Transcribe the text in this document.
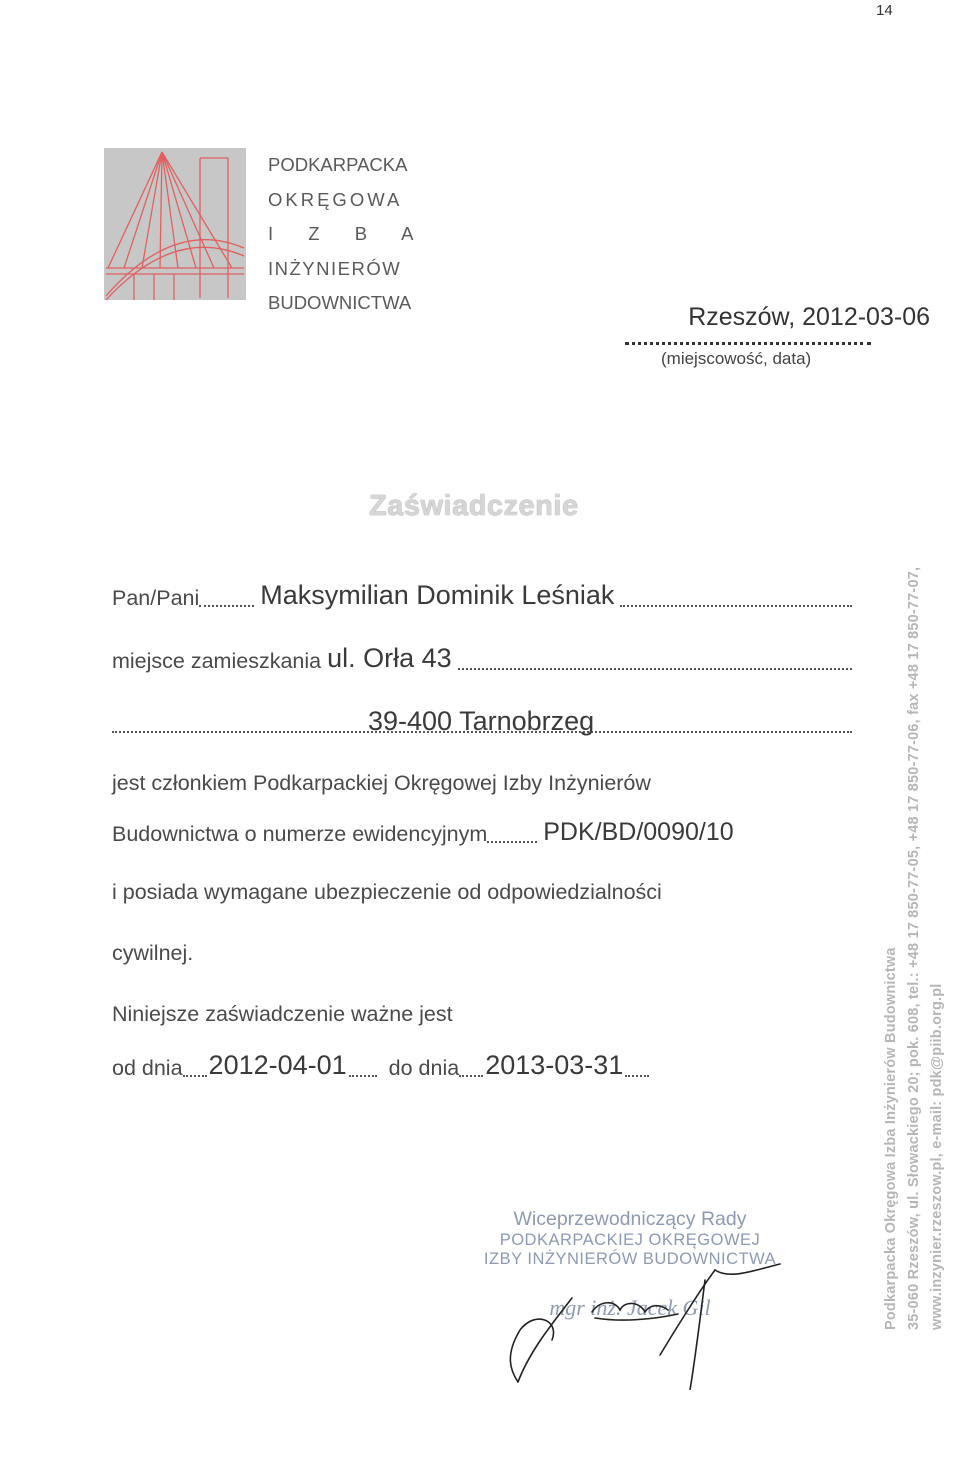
14
PODKARPACKA
OKRĘGOWA
I Z B A
INŻYNIERÓW
BUDOWNICTWA
Rzeszów, 2012-03-06
(miejscowość, data)
Zaświadczenie
Pan/Pani Maksymilian Dominik Leśniak
miejsce zamieszkania ul. Orła 43
39-400 Tarnobrzeg
jest członkiem Podkarpackiej Okręgowej Izby Inżynierów
Budownictwa o numerze ewidencyjnym PDK/BD/0090/10
i posiada wymagane ubezpieczenie od odpowiedzialności
cywilnej.
Niniejsze zaświadczenie ważne jest
od dnia 2012-04-01 do dnia 2013-03-31
Wiceprzewodniczący Rady
PODKARPACKIEJ OKRĘGOWEJ
IZBY INŻYNIERÓW BUDOWNICTWA
mgr inż. Jacek Gil	Podkarpacka Okręgowa Izba Inżynierów Budownictwa 35-060 Rzeszów, ul. Słowackiego 20; pok. 608, tel.: +48 17 850-77-05, +48 17 850-77-06, fax +48 17 850-77-07, www.inzynier.rzeszow.pl, e-mail: pdk@piib.org.pl
